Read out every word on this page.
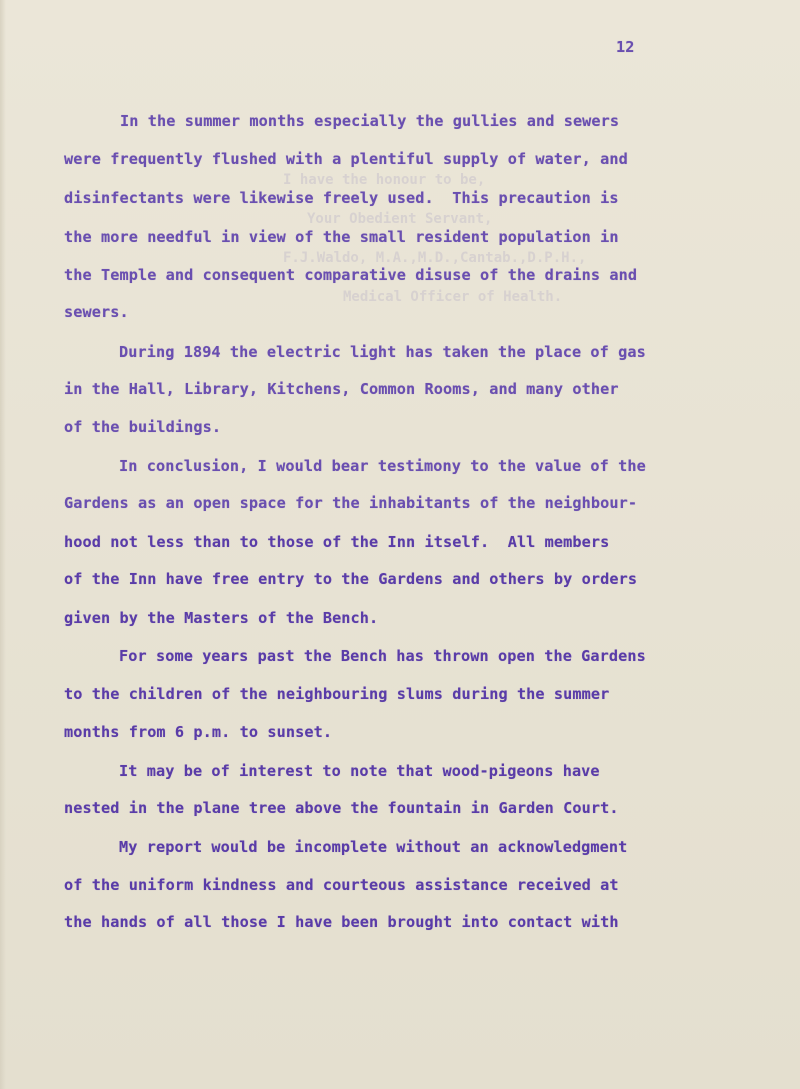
I have the honour to be,
Your Obedient Servant,
F.J.Waldo, M.A.,M.D.,Cantab.,D.P.H.,
Medical Officer of Health.
12
In the summer months especially the gullies and sewers
were frequently flushed with a plentiful supply of water, and
disinfectants were likewise freely used.  This precaution is
the more needful in view of the small resident population in
the Temple and consequent comparative disuse of the drains and
sewers.
During 1894 the electric light has taken the place of gas
in the Hall, Library, Kitchens, Common Rooms, and many other
of the buildings.
In conclusion, I would bear testimony to the value of the
Gardens as an open space for the inhabitants of the neighbour-
hood not less than to those of the Inn itself.  All members
of the Inn have free entry to the Gardens and others by orders
given by the Masters of the Bench.
For some years past the Bench has thrown open the Gardens
to the children of the neighbouring slums during the summer
months from 6 p.m. to sunset.
It may be of interest to note that wood-pigeons have
nested in the plane tree above the fountain in Garden Court.
My report would be incomplete without an acknowledgment
of the uniform kindness and courteous assistance received at
the hands of all those I have been brought into contact with
